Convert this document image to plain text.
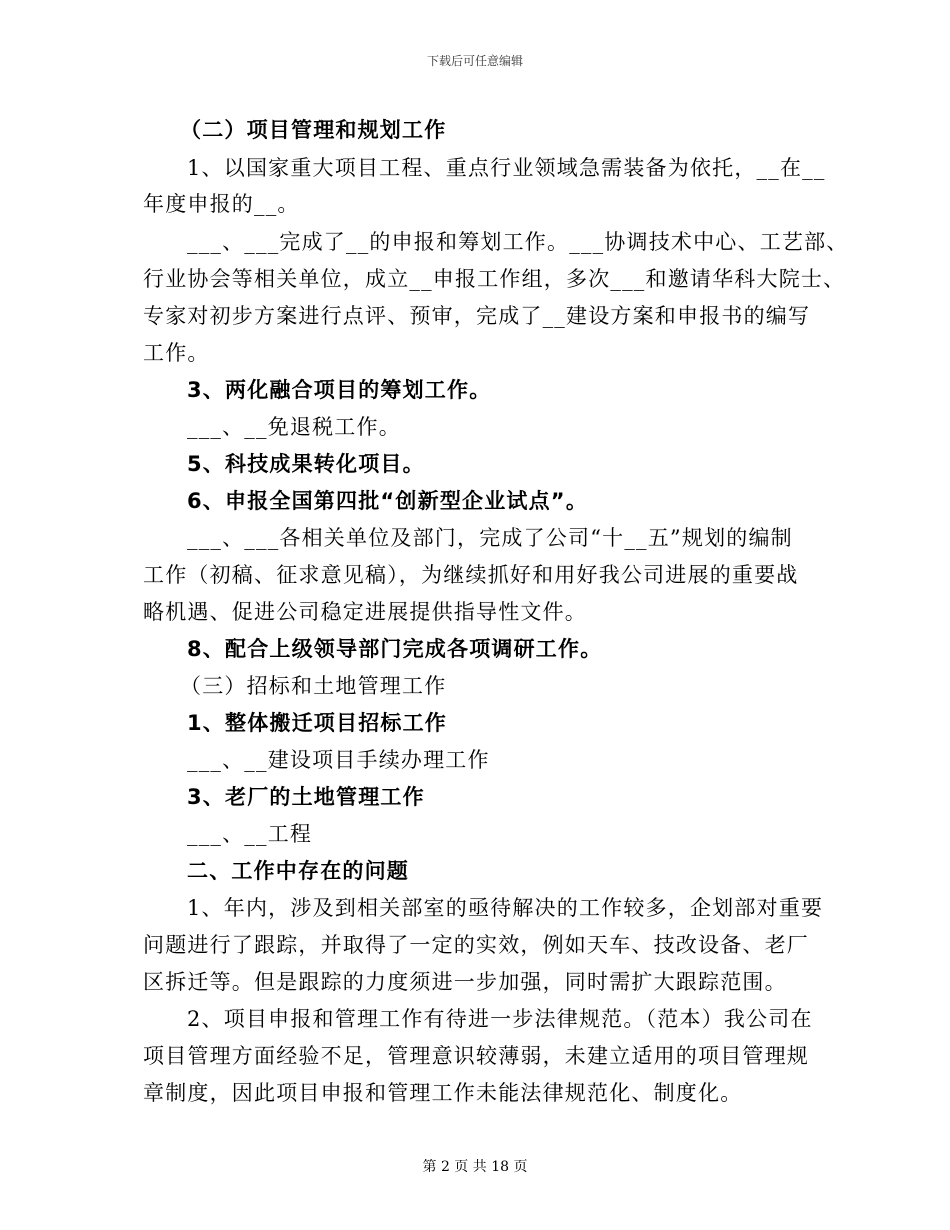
下载后可任意编辑
（二）项目管理和规划工作
1、以国家重大项目工程、重点行业领域急需装备为依托，__在__
年度申报的__。
___、___完成了__的申报和筹划工作。___协调技术中心、工艺部、
行业协会等相关单位，成立__申报工作组，多次___和邀请华科大院士、
专家对初步方案进行点评、预审，完成了__建设方案和申报书的编写
工作。
3、两化融合项目的筹划工作。
___、__免退税工作。
5、科技成果转化项目。
6、申报全国第四批“创新型企业试点”。
___、___各相关单位及部门，完成了公司“十__五”规划的编制
工作（初稿、征求意见稿），为继续抓好和用好我公司进展的重要战
略机遇、促进公司稳定进展提供指导性文件。
8、配合上级领导部门完成各项调研工作。
（三）招标和土地管理工作
1、整体搬迁项目招标工作
___、__建设项目手续办理工作
3、老厂的土地管理工作
___、__工程
二、工作中存在的问题
1、年内，涉及到相关部室的亟待解决的工作较多，企划部对重要
问题进行了跟踪，并取得了一定的实效，例如天车、技改设备、老厂
区拆迁等。但是跟踪的力度须进一步加强，同时需扩大跟踪范围。
2、项目申报和管理工作有待进一步法律规范。（范本）我公司在
项目管理方面经验不足，管理意识较薄弱，未建立适用的项目管理规
章制度，因此项目申报和管理工作未能法律规范化、制度化。
第 2 页 共 18 页
